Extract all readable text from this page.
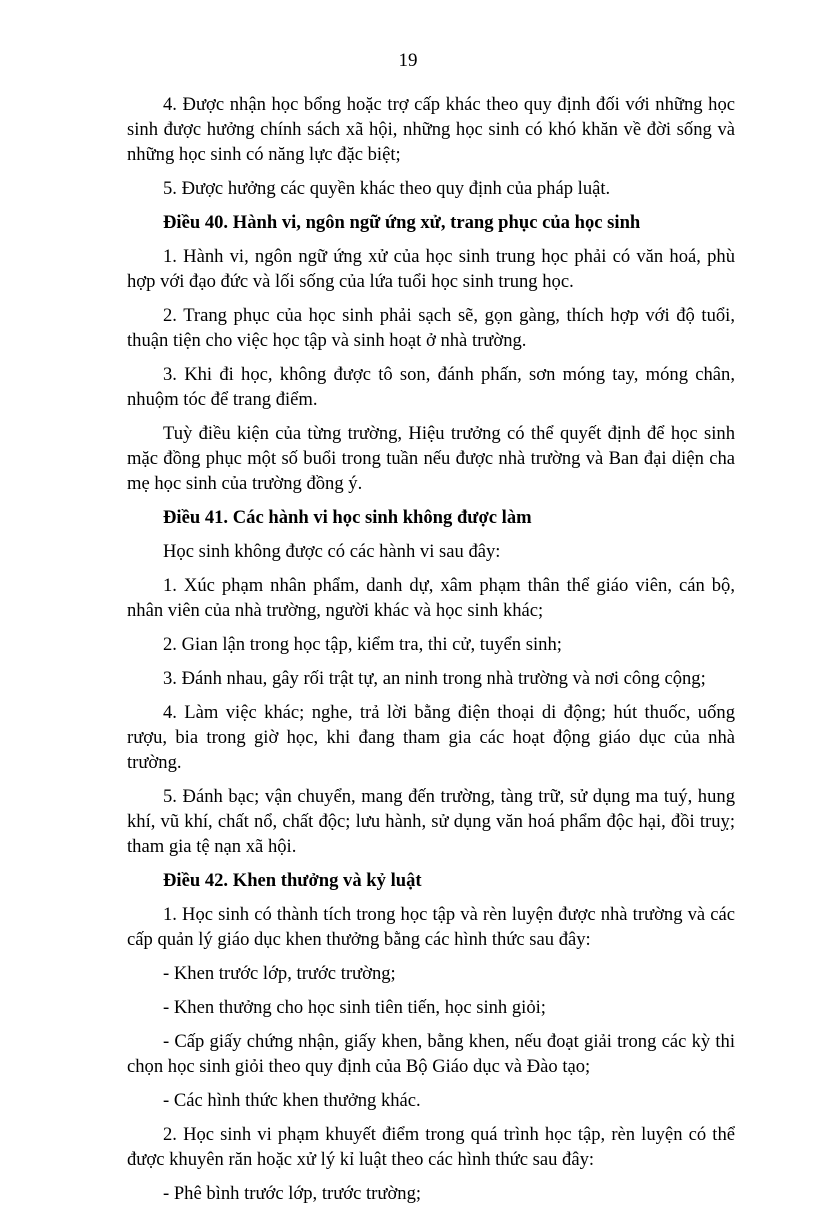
19

4. Được nhận học bổng hoặc trợ cấp khác theo quy định đối với những học sinh được hưởng chính sách xã hội, những học sinh có khó khăn về đời sống và những học sinh có năng lực đặc biệt;

5. Được hưởng các quyền khác theo quy định của pháp luật.

Điều 40. Hành vi, ngôn ngữ ứng xử, trang phục của học sinh

1. Hành vi, ngôn ngữ ứng xử của học sinh trung học phải có văn hoá, phù hợp với đạo đức và lối sống của lứa tuổi học sinh trung học.

2. Trang phục của học sinh phải sạch sẽ, gọn gàng, thích hợp với độ tuổi, thuận tiện cho việc học tập và sinh hoạt ở nhà trường.

3. Khi đi học, không được tô son, đánh phấn, sơn móng tay, móng chân, nhuộm tóc để trang điểm.

Tuỳ điều kiện của từng trường, Hiệu trưởng có thể quyết định để học sinh mặc đồng phục một số buổi trong tuần nếu được nhà trường và Ban đại diện cha mẹ học sinh của trường đồng ý.

Điều 41. Các hành vi học sinh không được làm

Học sinh không được có các hành vi sau đây:

1. Xúc phạm nhân phẩm, danh dự, xâm phạm thân thể giáo viên, cán bộ, nhân viên của nhà trường, người khác và học sinh khác;

2. Gian lận trong học tập, kiểm tra, thi cử, tuyển sinh;

3. Đánh nhau, gây rối trật tự, an ninh trong nhà trường và nơi công cộng;

4. Làm việc khác; nghe, trả lời bằng điện thoại di động; hút thuốc, uống rượu, bia trong giờ học, khi đang tham gia các hoạt động giáo dục của nhà trường.

5. Đánh bạc; vận chuyển, mang đến trường, tàng trữ, sử dụng ma tuý, hung khí, vũ khí, chất nổ, chất độc; lưu hành, sử dụng văn hoá phẩm độc hại, đồi truỵ; tham gia tệ nạn xã hội.

Điều 42. Khen thưởng và kỷ luật

1. Học sinh có thành tích trong học tập và rèn luyện được nhà trường và các cấp quản lý giáo dục khen thưởng bằng các hình thức sau đây:

- Khen trước lớp, trước trường;

- Khen thưởng cho học sinh tiên tiến, học sinh giỏi;

- Cấp giấy chứng nhận, giấy khen, bằng khen, nếu đoạt giải trong các kỳ thi chọn học sinh giỏi theo quy định của Bộ Giáo dục và Đào tạo;

- Các hình thức khen thưởng khác.

2. Học sinh vi phạm khuyết điểm trong quá trình học tập, rèn luyện có thể được khuyên răn hoặc xử lý kỉ luật theo các hình thức sau đây:

- Phê bình trước lớp, trước trường;
